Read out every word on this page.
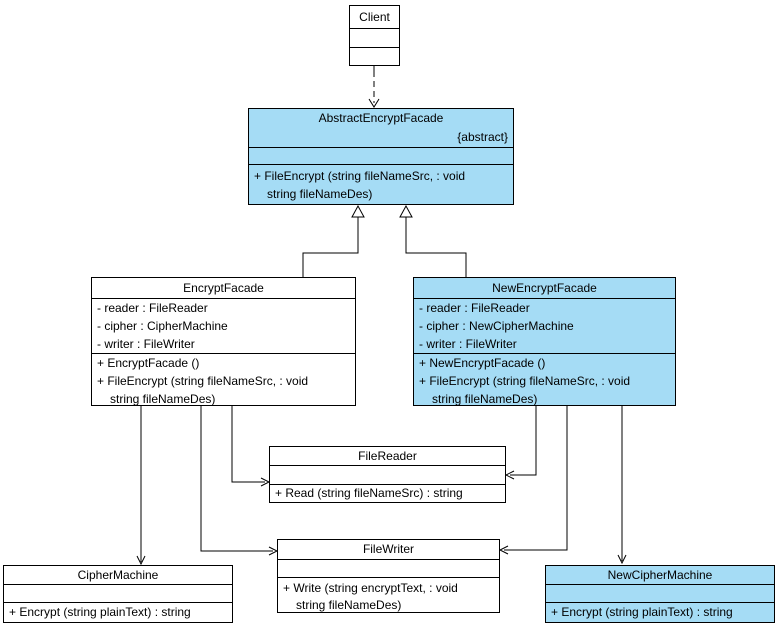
Client
AbstractEncryptFacade
{abstract}
+ FileEncrypt (string fileNameSrc, : void
string fileNameDes)
EncryptFacade
- reader : FileReader
- cipher : CipherMachine
- writer : FileWriter
+ EncryptFacade ()
+ FileEncrypt (string fileNameSrc, : void
string fileNameDes)
NewEncryptFacade
- reader : FileReader
- cipher : NewCipherMachine
- writer : FileWriter
+ NewEncryptFacade ()
+ FileEncrypt (string fileNameSrc, : void
string fileNameDes)
FileReader
+ Read (string fileNameSrc) : string
FileWriter
+ Write (string encryptText, : void
string fileNameDes)
CipherMachine
+ Encrypt (string plainText) : string
NewCipherMachine
+ Encrypt (string plainText) : string
